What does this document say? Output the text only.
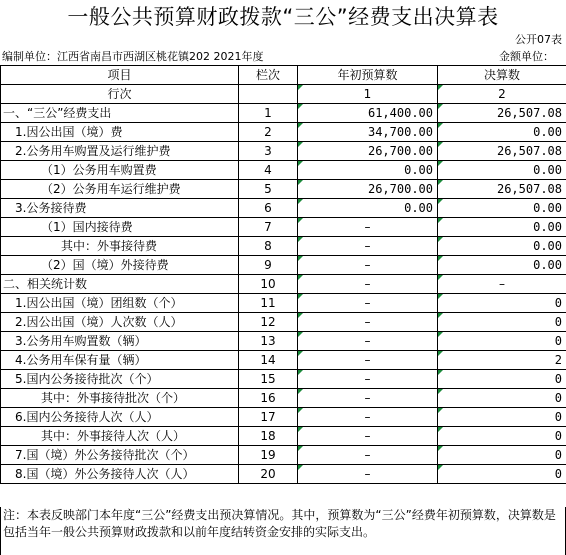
一般公共预算财政拨款“三公”经费支出决算表
公开07表
编制单位：江西省南昌市西湖区桃花镇202 2021年度	金额单位：
项目	栏次	年初预算数	决算数
行次		1	2
一、“三公”经费支出	1	61,400.00	26,507.08
1.因公出国（境）费	2	34,700.00	0.00
2.公务用车购置及运行维护费	3	26,700.00	26,507.08
（1）公务用车购置费	4	0.00	0.00
（2）公务用车运行维护费	5	26,700.00	26,507.08
3.公务接待费	6	0.00	0.00
（1）国内接待费	7	–	0.00
其中：外事接待费	8	–	0.00
（2）国（境）外接待费	9	–	0.00
二、相关统计数	10	–	–
1.因公出国（境）团组数（个）	11	–	0
2.因公出国（境）人次数（人）	12	–	0
3.公务用车购置数（辆）	13	–	0
4.公务用车保有量（辆）	14	–	2
5.国内公务接待批次（个）	15	–	0
其中：外事接待批次（个）	16	–	0
6.国内公务接待人次（人）	17	–	0
其中：外事接待人次（人）	18	–	0
7.国（境）外公务接待批次（个）	19	–	0
8.国（境）外公务接待人次（人）	20	–	0
注：本表反映部门本年度“三公”经费支出预决算情况。其中，预算数为“三公”经费年初预算数，决算数是包括当年一般公共预算财政拨款和以前年度结转资金安排的实际支出。
